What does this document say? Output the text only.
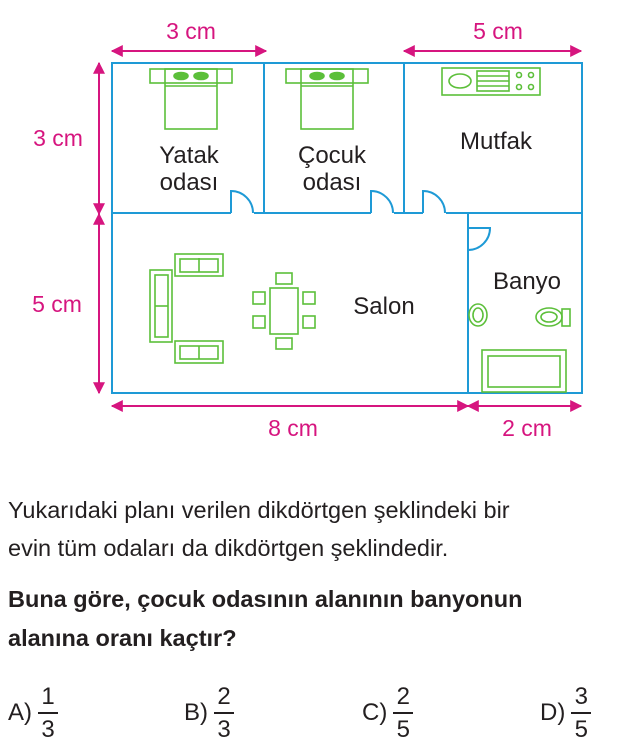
3 cm	5 cm
3 cm
5 cm
8 cm	2 cm
Yatak
odası
Çocuk
odası
Mutfak
Banyo
Salon
Yukarıdaki planı verilen dikdörtgen şeklindeki bir
evin tüm odaları da dikdörtgen şeklindedir.
Buna göre, çocuk odasının alanının banyonun
alanına oranı kaçtır?
$A) \frac{1}{3}$	$B) \frac{2}{3}$	$C) \frac{2}{5}$	$D) \frac{3}{5}$
